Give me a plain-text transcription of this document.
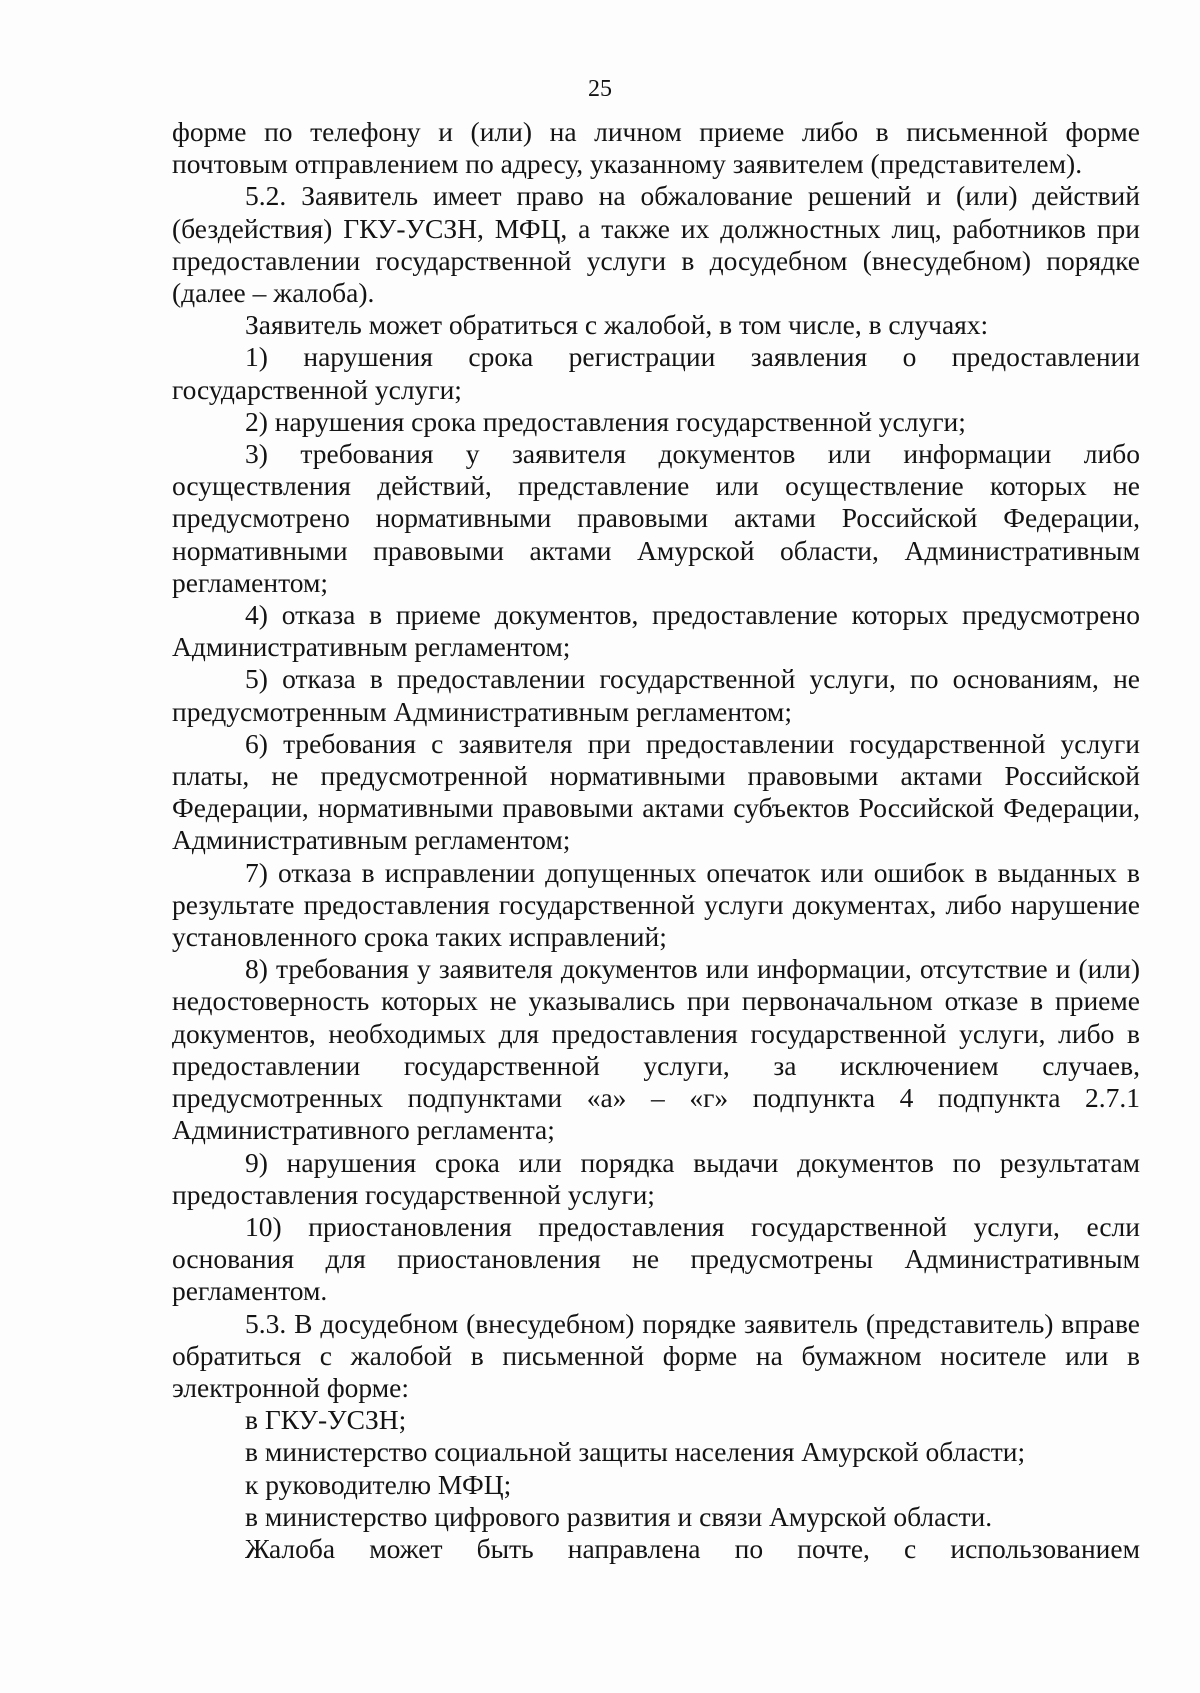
25

форме по телефону и (или) на личном приеме либо в письменной форме почтовым отправлением по адресу, указанному заявителем (представителем).

5.2. Заявитель имеет право на обжалование решений и (или) действий (бездействия) ГКУ-УСЗН, МФЦ, а также их должностных лиц, работников при предоставлении государственной услуги в досудебном (внесудебном) порядке (далее – жалоба).

Заявитель может обратиться с жалобой, в том числе, в случаях:

1) нарушения срока регистрации заявления о предоставлении государственной услуги;

2) нарушения срока предоставления государственной услуги;

3) требования у заявителя документов или информации либо осуществления действий, представление или осуществление которых не предусмотрено нормативными правовыми актами Российской Федерации, нормативными правовыми актами Амурской области, Административным регламентом;

4) отказа в приеме документов, предоставление которых предусмотрено Административным регламентом;

5) отказа в предоставлении государственной услуги, по основаниям, не предусмотренным Административным регламентом;

6) требования с заявителя при предоставлении государственной услуги платы, не предусмотренной нормативными правовыми актами Российской Федерации, нормативными правовыми актами субъектов Российской Федерации, Административным регламентом;

7) отказа в исправлении допущенных опечаток или ошибок в выданных в результате предоставления государственной услуги документах, либо нарушение установленного срока таких исправлений;

8) требования у заявителя документов или информации, отсутствие и (или) недостоверность которых не указывались при первоначальном отказе в приеме документов, необходимых для предоставления государственной услуги, либо в предоставлении государственной услуги, за исключением случаев, предусмотренных подпунктами «а» – «г» подпункта 4 подпункта 2.7.1 Административного регламента;

9) нарушения срока или порядка выдачи документов по результатам предоставления государственной услуги;

10) приостановления предоставления государственной услуги, если основания для приостановления не предусмотрены Административным регламентом.

5.3. В досудебном (внесудебном) порядке заявитель (представитель) вправе обратиться с жалобой в письменной форме на бумажном носителе или в электронной форме:

в ГКУ-УСЗН;

в министерство социальной защиты населения Амурской области;

к руководителю МФЦ;

в министерство цифрового развития и связи Амурской области.

Жалоба может быть направлена по почте, с использованием
